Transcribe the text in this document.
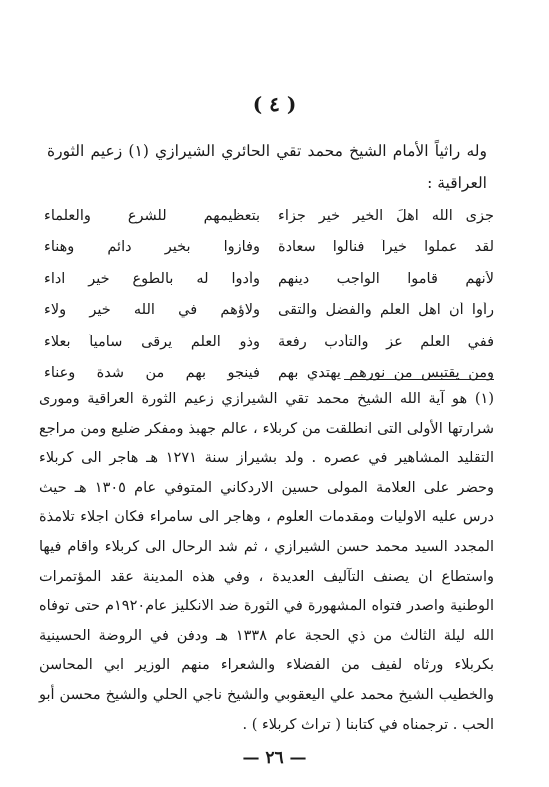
( ٤ )
وله راثياً الأمام الشيخ محمد تقي الحائري الشيرازي (١) زعيم الثورة العراقية :
جزى الله اهلَ الخير خير جزاء
بتعظيمهم للشرع والعلماء
لقد عملوا خيراً فنالوا سعادة
وفازوا بخير دائم وهناء
لأنهم قاموا الواجب دينهم
وأدوا له بالطوع خير اداء
رأوا أن اهل العلم والفضل والتقى
ولاؤهم في الله خير ولاء
ففي العلم عز والتأدب رفعة
وذو العلم يرقى سامياً بعلاء
ومن يقتبس من نورهم يهتدي بهم
فينجو بهم من شدة وعناء
(١) هو آية الله الشيخ محمد تقي الشيرازي زعيم الثورة العراقية ومورى شرارتها الأولى التى انطلقت من كربلاء ، عالم جهبذ ومفكر ضليع ومن مراجع التقليد المشاهير في عصره . ولد بشيراز سنة ١٢٧١ هـ هاجر الى كربلاء وحضر على العلامة المولى حسين الاردكاني المتوفي عام ١٣٠٥ هـ حيث درس عليه الاوليات ومقدمات العلوم ، وهاجر الى سامراء فكان اجلاء تلامذة المجدد السيد محمد حسن الشيرازي ، ثم شد الرحال الى كربلاء واقام فيها واستطاع ان يصنف التآليف العديدة ، وفي هذه المدينة عقد المؤتمرات الوطنية واصدر فتواه المشهورة في الثورة ضد الانكليز عام١٩٢٠م حتى توفاه الله ليلة الثالث من ذي الحجة عام ١٣٣٨ هـ ودفن في الروضة الحسينية بكربلاء ورثاه لفيف من الفضلاء والشعراء منهم الوزير ابي المحاسن والخطيب الشيخ محمد علي اليعقوبي والشيخ ناجي الحلي والشيخ محسن أبو الحب . ترجمناه في كتابنا ( تراث كربلاء ) .
— ٢٦ —
